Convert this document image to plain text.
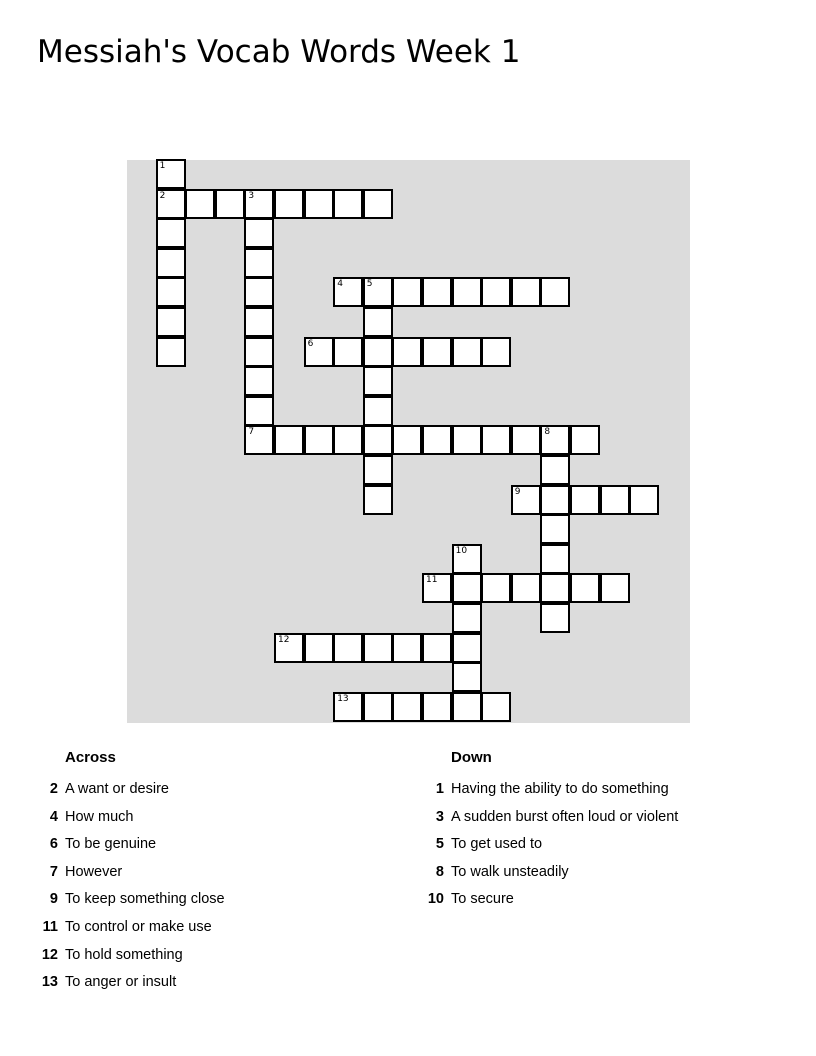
Messiah's Vocab Words Week 1
1
2	3
7
4	5
6
8
9
10
11
12
13
Across
2 A want or desire
4 How much
6 To be genuine
7 However
9 To keep something close
11 To control or make use
12 To hold something
13 To anger or insult
Down
1 Having the ability to do something
3 A sudden burst often loud or violent
5 To get used to
8 To walk unsteadily
10 To secure
